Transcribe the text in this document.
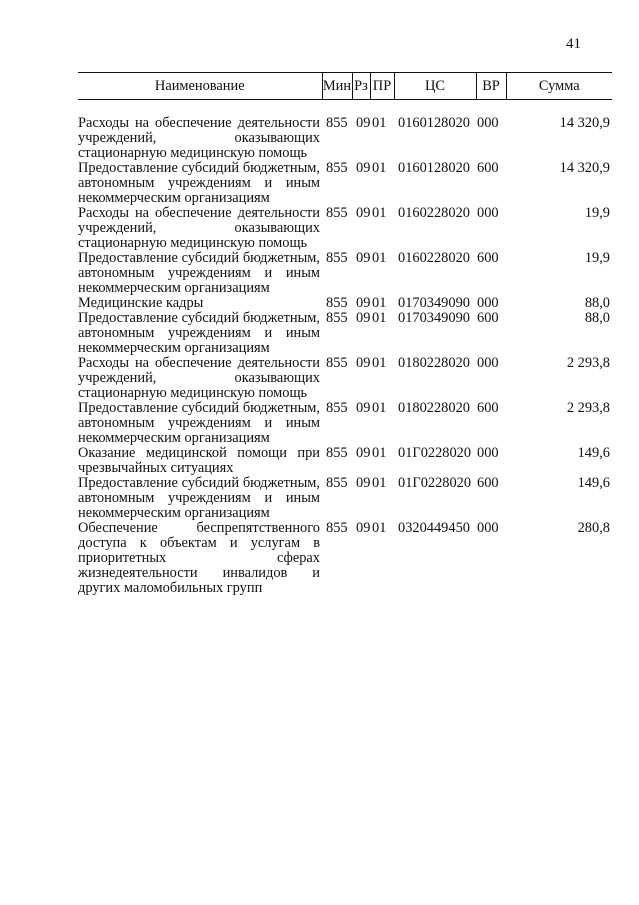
41
Наименование	Мин	Рз	ПР	ЦС	ВР	Сумма

Расходы на обеспечение деятельности учреждений, оказывающих стационарную медицинскую помощь	855	09	01	0160128020	000	14 320,9
Предоставление субсидий бюджетным, автономным учреждениям и иным некоммерческим организациям	855	09	01	0160128020	600	14 320,9
Расходы на обеспечение деятельности учреждений, оказывающих стационарную медицинскую помощь	855	09	01	0160228020	000	19,9
Предоставление субсидий бюджетным, автономным учреждениям и иным некоммерческим организациям	855	09	01	0160228020	600	19,9
Медицинские кадры	855	09	01	0170349090	000	88,0
Предоставление субсидий бюджетным, автономным учреждениям и иным некоммерческим организациям	855	09	01	0170349090	600	88,0
Расходы на обеспечение деятельности учреждений, оказывающих стационарную медицинскую помощь	855	09	01	0180228020	000	2 293,8
Предоставление субсидий бюджетным, автономным учреждениям и иным некоммерческим организациям	855	09	01	0180228020	600	2 293,8
Оказание медицинской помощи при чрезвычайных ситуациях	855	09	01	01Г0228020	000	149,6
Предоставление субсидий бюджетным, автономным учреждениям и иным некоммерческим организациям	855	09	01	01Г0228020	600	149,6
Обеспечение беспрепятственного доступа к объектам и услугам в приоритетных сферах жизнедеятельности инвалидов и других маломобильных групп	855	09	01	0320449450	000	280,8
